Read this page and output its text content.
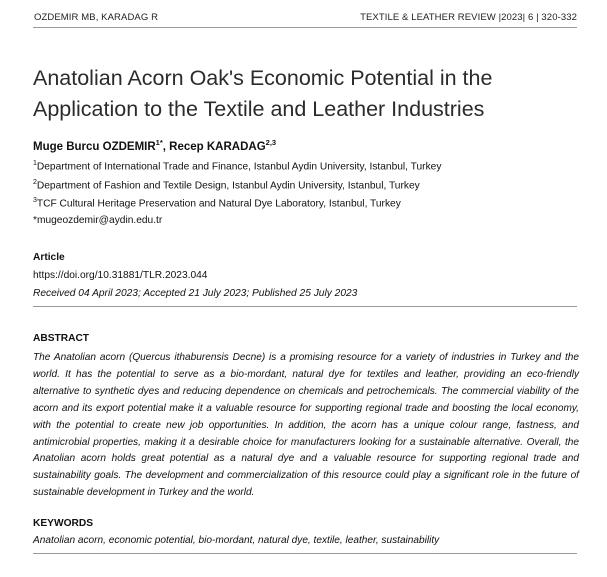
OZDEMIR MB, KARADAG R	TEXTILE & LEATHER REVIEW |2023| 6 | 320-332
Anatolian Acorn Oak's Economic Potential in the
Application to the Textile and Leather Industries
Muge Burcu $OZDEMIR^{1*}$, Recep KARADAG$^{2,3}$
$^1$Department of International Trade and Finance, Istanbul Aydin University, Istanbul, Turkey
$^2$Department of Fashion and Textile Design, Istanbul Aydin University, Istanbul, Turkey
$^3$TCF Cultural Heritage Preservation and Natural Dye Laboratory, Istanbul, Turkey
*mugeozdemir@aydin.edu.tr
Article
https://doi.org/10.31881/TLR.2023.044
Received 04 April 2023; Accepted 21 July 2023; Published 25 July 2023
ABSTRACT
The Anatolian acorn (Quercus ithaburensis Decne) is a promising resource for a variety of industries in Turkey and the world. It has the potential to serve as a bio-mordant, natural dye for textiles and leather, providing an eco-friendly alternative to synthetic dyes and reducing dependence on chemicals and petrochemicals. The commercial viability of the acorn and its export potential make it a valuable resource for supporting regional trade and boosting the local economy, with the potential to create new job opportunities. In addition, the acorn has a unique colour range, fastness, and antimicrobial properties, making it a desirable choice for manufacturers looking for a sustainable alternative. Overall, the Anatolian acorn holds great potential as a natural dye and a valuable resource for supporting regional trade and sustainability goals. The development and commercialization of this resource could play a significant role in the future of sustainable development in Turkey and the world.
KEYWORDS
Anatolian acorn, economic potential, bio-mordant, natural dye, textile, leather, sustainability
